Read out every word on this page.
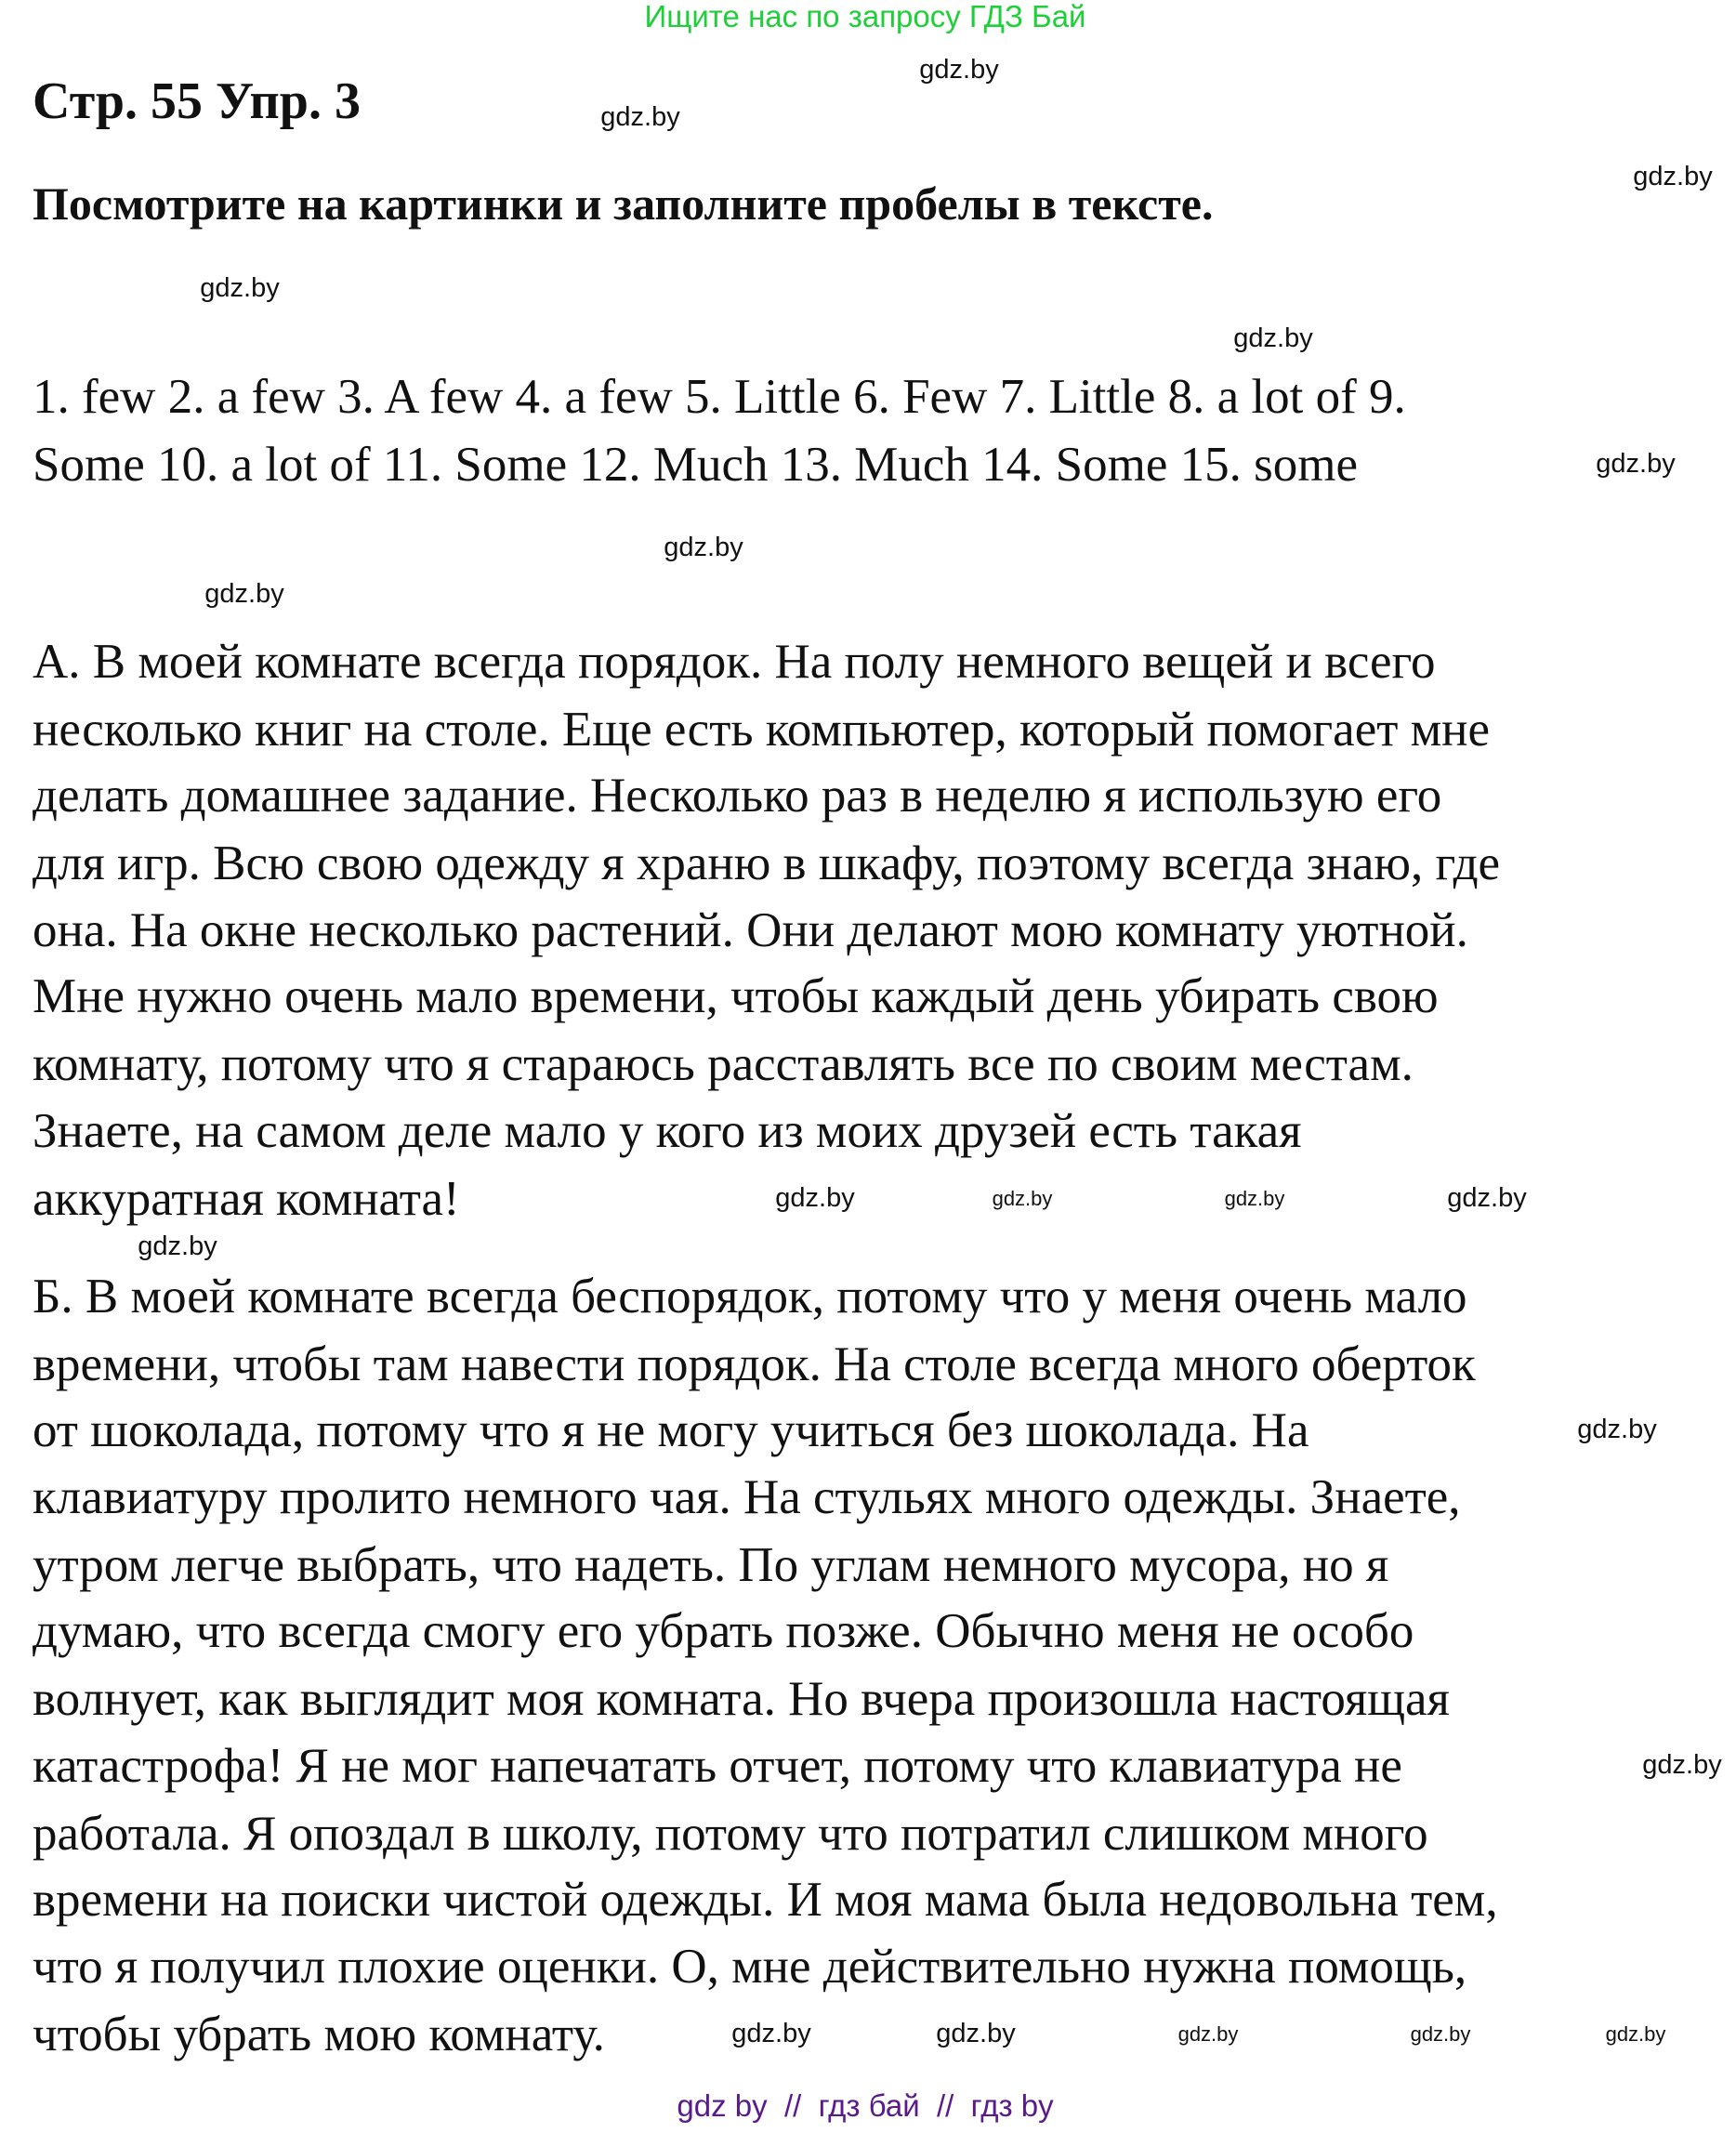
Ищите нас по запросу ГДЗ Бай
Стр. 55 Упр. 3
Посмотрите на картинки и заполните пробелы в тексте.
1. few 2. a few 3. A few 4. a few 5. Little 6. Few 7. Little 8. a lot of 9.
Some 10. a lot of 11. Some 12. Much 13. Much 14. Some 15. some
А. В моей комнате всегда порядок. На полу немного вещей и всего
несколько книг на столе. Еще есть компьютер, который помогает мне
делать домашнее задание. Несколько раз в неделю я использую его
для игр. Всю свою одежду я храню в шкафу, поэтому всегда знаю, где
она. На окне несколько растений. Они делают мою комнату уютной.
Мне нужно очень мало времени, чтобы каждый день убирать свою
комнату, потому что я стараюсь расставлять все по своим местам.
Знаете, на самом деле мало у кого из моих друзей есть такая
аккуратная комната!
Б. В моей комнате всегда беспорядок, потому что у меня очень мало
времени, чтобы там навести порядок. На столе всегда много оберток
от шоколада, потому что я не могу учиться без шоколада. На
клавиатуру пролито немного чая. На стульях много одежды. Знаете,
утром легче выбрать, что надеть. По углам немного мусора, но я
думаю, что всегда смогу его убрать позже. Обычно меня не особо
волнует, как выглядит моя комната. Но вчера произошла настоящая
катастрофа! Я не мог напечатать отчет, потому что клавиатура не
работала. Я опоздал в школу, потому что потратил слишком много
времени на поиски чистой одежды. И моя мама была недовольна тем,
что я получил плохие оценки. О, мне действительно нужна помощь,
чтобы убрать мою комнату.
gdz.by
gdz.by
gdz.by
gdz.by
gdz.by
gdz.by
gdz.by
gdz.by
gdz.by
gdz.by
gdz.by
gdz.by
gdz.by
gdz.by
gdz.by	gdz.by
gdz.by
gdz.by
gdz.by	gdz.by
gdz by  //  гдз бай  //  гдз by
